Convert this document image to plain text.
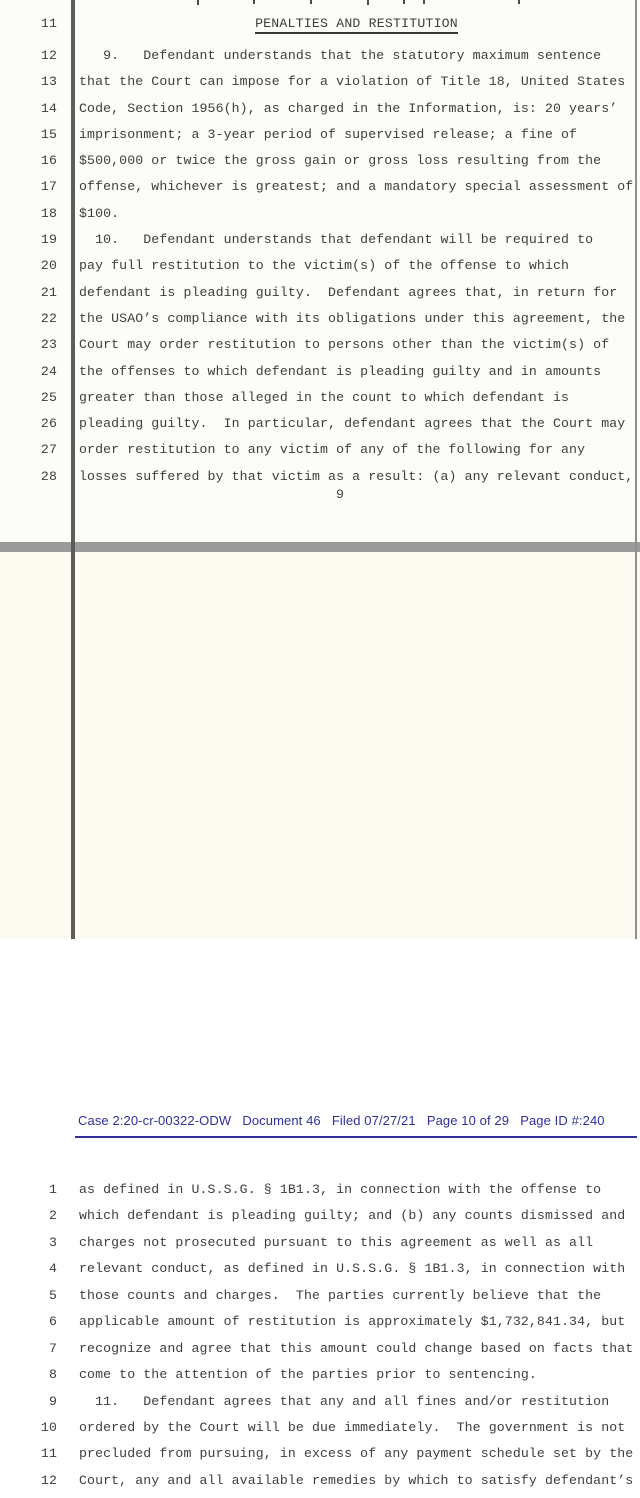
11	PENALTIES AND RESTITUTION
12 9.   Defendant understands that the statutory maximum sentence
13 that the Court can impose for a violation of Title 18, United States
14 Code, Section 1956(h), as charged in the Information, is: 20 years’
15 imprisonment; a 3-year period of supervised release; a fine of
16 $500,000 or twice the gross gain or gross loss resulting from the
17 offense, whichever is greatest; and a mandatory special assessment of
18 $100.
19 10.   Defendant understands that defendant will be required to
20 pay full restitution to the victim(s) of the offense to which
21 defendant is pleading guilty.  Defendant agrees that, in return for
22 the USAO’s compliance with its obligations under this agreement, the
23 Court may order restitution to persons other than the victim(s) of
24 the offenses to which defendant is pleading guilty and in amounts
25 greater than those alleged in the count to which defendant is
26 pleading guilty.  In particular, defendant agrees that the Court may
27 order restitution to any victim of any of the following for any
28 losses suffered by that victim as a result: (a) any relevant conduct,
9
Case 2:20-cr-00322-ODW   Document 46   Filed 07/27/21   Page 10 of 29   Page ID #:240
1 as defined in U.S.S.G. § 1B1.3, in connection with the offense to
2 which defendant is pleading guilty; and (b) any counts dismissed and
3 charges not prosecuted pursuant to this agreement as well as all
4 relevant conduct, as defined in U.S.S.G. § 1B1.3, in connection with
5 those counts and charges.  The parties currently believe that the
6 applicable amount of restitution is approximately $1,732,841.34, but
7 recognize and agree that this amount could change based on facts that
8 come to the attention of the parties prior to sentencing.
9 11.   Defendant agrees that any and all fines and/or restitution
10 ordered by the Court will be due immediately.  The government is not
11 precluded from pursuing, in excess of any payment schedule set by the
12 Court, any and all available remedies by which to satisfy defendant’s
